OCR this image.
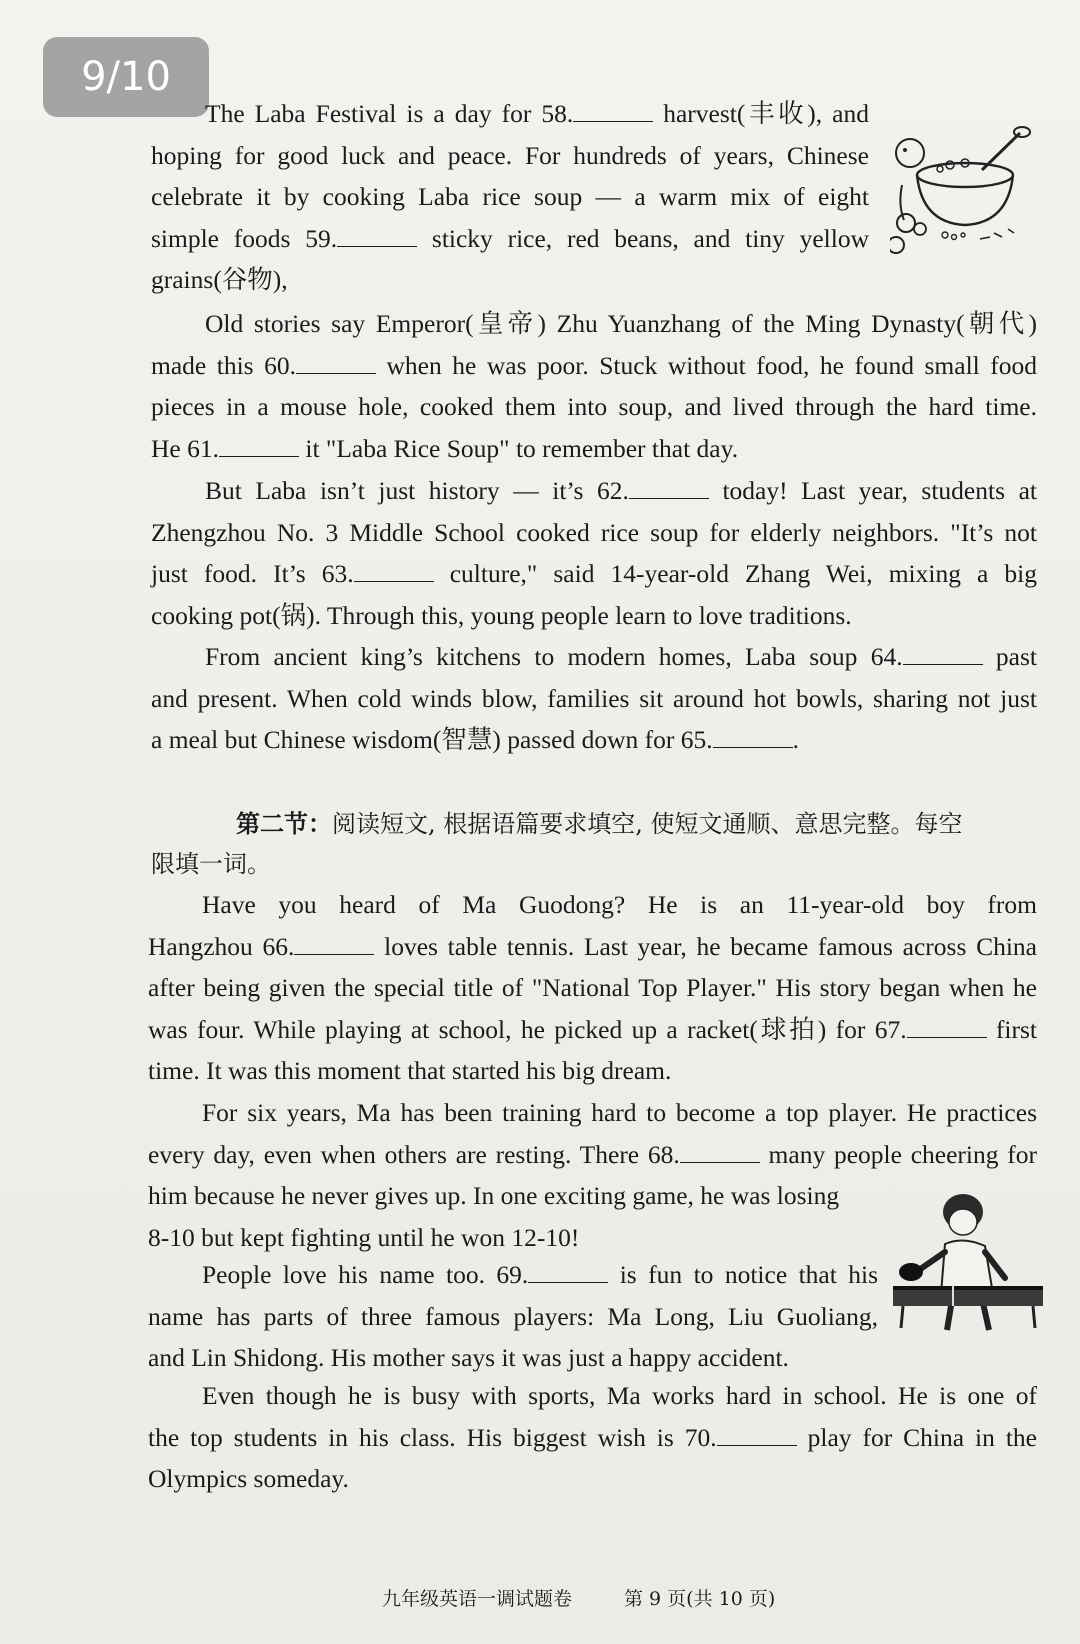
9/10
The Laba Festival is a day for 58.	harvest(丰收), and
hoping for good luck and peace. For hundreds of years, Chinese
celebrate it by cooking Laba rice soup — a warm mix of eight
simple foods 59.	sticky rice, red beans, and tiny yellow
grains(谷物),
Old stories say Emperor(皇帝) Zhu Yuanzhang of the Ming Dynasty(朝代)
made this 60.	when he was poor. Stuck without food, he found small food
pieces in a mouse hole, cooked them into soup, and lived through the hard time.
He 61.	it "Laba Rice Soup" to remember that day.
But Laba isn’t just history — it’s 62.	today! Last year, students at
Zhengzhou No. 3 Middle School cooked rice soup for elderly neighbors. "It’s not
just food. It’s 63.	culture," said 14-year-old Zhang Wei, mixing a big
cooking pot(锅). Through this, young people learn to love traditions.
From ancient king’s kitchens to modern homes, Laba soup 64.	past
and present. When cold winds blow, families sit around hot bowls, sharing not just
a meal but Chinese wisdom(智慧) passed down for 65.	.
第二节：阅读短文, 根据语篇要求填空, 使短文通顺、意思完整。每空
限填一词。
Have you heard of Ma Guodong? He is an 11-year-old boy from
Hangzhou 66.	loves table tennis. Last year, he became famous across China
after being given the special title of "National Top Player." His story began when he
was four. While playing at school, he picked up a racket(球拍) for 67.	first
time. It was this moment that started his big dream.
For six years, Ma has been training hard to become a top player. He practices
every day, even when others are resting. There 68.	many people cheering for
him because he never gives up. In one exciting game, he was losing
8-10 but kept fighting until he won 12-10!
People love his name too. 69.	is fun to notice that his
name has parts of three famous players: Ma Long, Liu Guoliang,
and Lin Shidong. His mother says it was just a happy accident.
Even though he is busy with sports, Ma works hard in school. He is one of
the top students in his class. His biggest wish is 70.	play for China in the
Olympics someday.
九年级英语一调试题卷	第 9 页(共 10 页)
